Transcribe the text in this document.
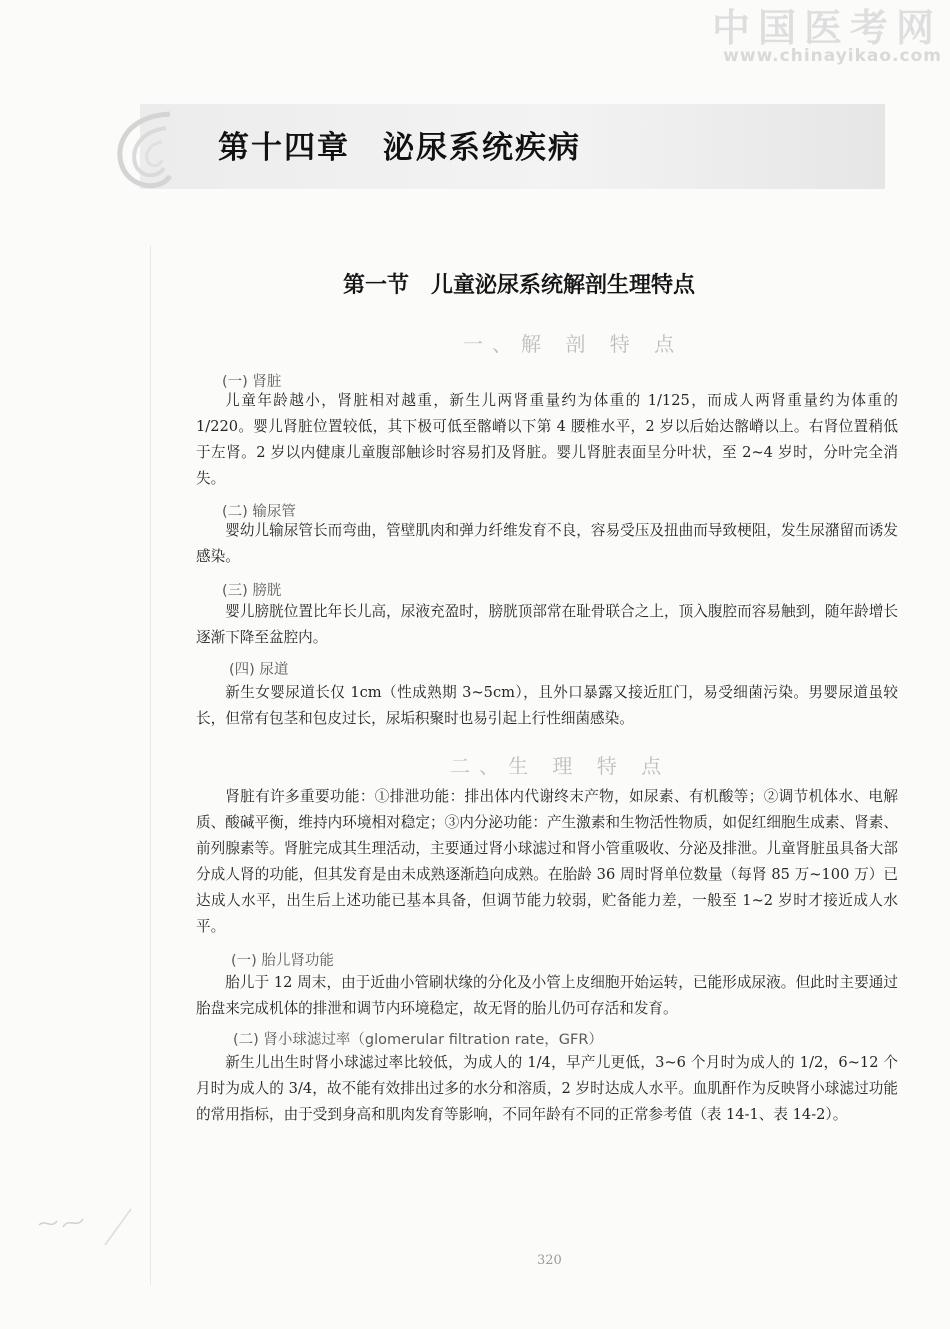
中国医考网
www.chinayikao.com
第十四章　泌尿系统疾病
第一节　儿童泌尿系统解剖生理特点
一、解 剖 特 点
(一) 肾脏

儿童年龄越小，肾脏相对越重，新生儿两肾重量约为体重的 1/125，而成人两肾重量约为体重的 1/220。婴儿肾脏位置较低，其下极可低至髂嵴以下第 4 腰椎水平，2 岁以后始达髂嵴以上。右肾位置稍低于左肾。2 岁以内健康儿童腹部触诊时容易扪及肾脏。婴儿肾脏表面呈分叶状，至 2~4 岁时，分叶完全消失。

(二) 输尿管

婴幼儿输尿管长而弯曲，管壁肌肉和弹力纤维发育不良，容易受压及扭曲而导致梗阻，发生尿潴留而诱发感染。

(三) 膀胱

婴儿膀胱位置比年长儿高，尿液充盈时，膀胱顶部常在耻骨联合之上，顶入腹腔而容易触到，随年龄增长逐渐下降至盆腔内。

(四) 尿道

新生女婴尿道长仅 1cm（性成熟期 3~5cm），且外口暴露又接近肛门，易受细菌污染。男婴尿道虽较长，但常有包茎和包皮过长，尿垢积聚时也易引起上行性细菌感染。

二、生 理 特 点

肾脏有许多重要功能：①排泄功能：排出体内代谢终末产物，如尿素、有机酸等；②调节机体水、电解质、酸碱平衡，维持内环境相对稳定；③内分泌功能：产生激素和生物活性物质，如促红细胞生成素、肾素、前列腺素等。肾脏完成其生理活动，主要通过肾小球滤过和肾小管重吸收、分泌及排泄。儿童肾脏虽具备大部分成人肾的功能，但其发育是由未成熟逐渐趋向成熟。在胎龄 36 周时肾单位数量（每肾 85 万~100 万）已达成人水平，出生后上述功能已基本具备，但调节能力较弱，贮备能力差，一般至 1~2 岁时才接近成人水平。

(一) 胎儿肾功能

胎儿于 12 周末，由于近曲小管刷状缘的分化及小管上皮细胞开始运转，已能形成尿液。但此时主要通过胎盘来完成机体的排泄和调节内环境稳定，故无肾的胎儿仍可存活和发育。

(二) 肾小球滤过率（glomerular filtration rate，GFR）

新生儿出生时肾小球滤过率比较低，为成人的 1/4，早产儿更低，3~6 个月时为成人的 1/2，6~12 个月时为成人的 3/4，故不能有效排出过多的水分和溶质，2 岁时达成人水平。血肌酐作为反映肾小球滤过功能的常用指标，由于受到身高和肌肉发育等影响，不同年龄有不同的正常参考值（表 14-1、表 14-2）。

320
